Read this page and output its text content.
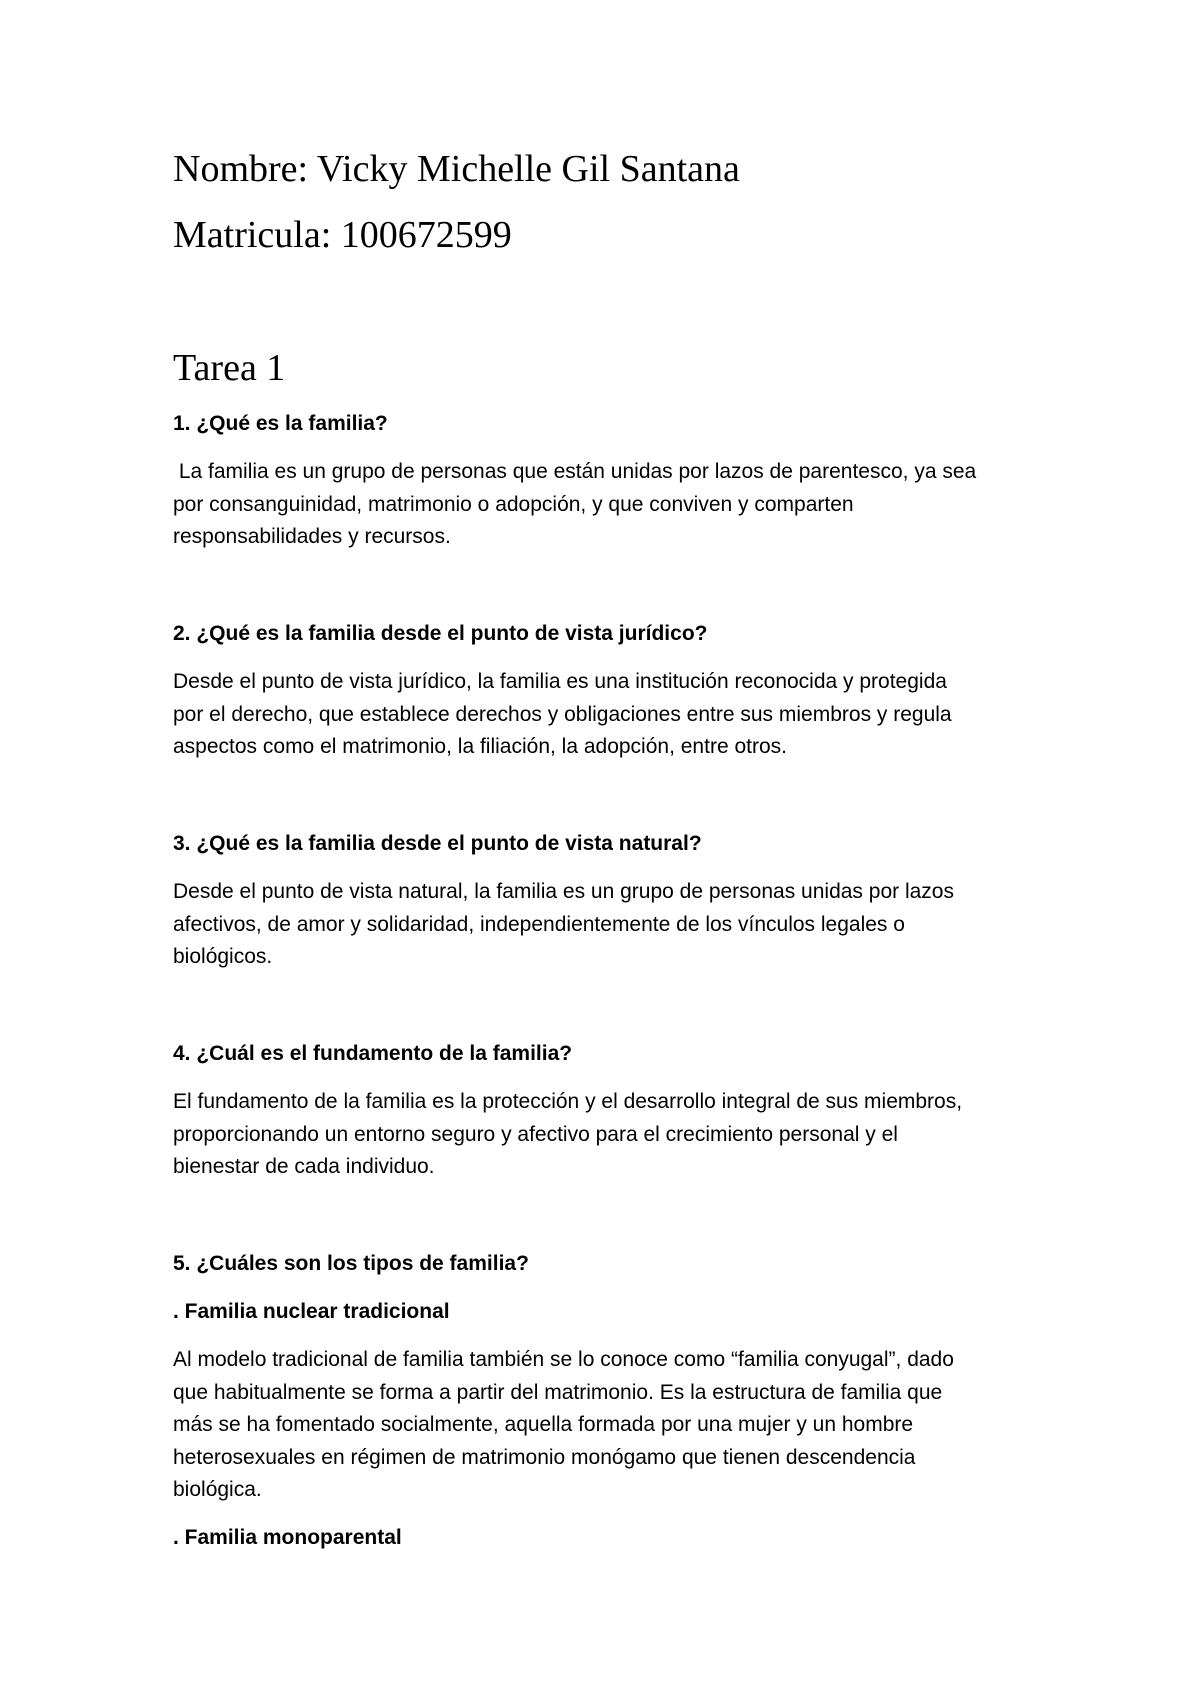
Nombre: Vicky Michelle Gil Santana
Matricula: 100672599
Tarea 1

1. ¿Qué es la familia?

La familia es un grupo de personas que están unidas por lazos de parentesco, ya sea
por consanguinidad, matrimonio o adopción, y que conviven y comparten
responsabilidades y recursos.

2. ¿Qué es la familia desde el punto de vista jurídico?

Desde el punto de vista jurídico, la familia es una institución reconocida y protegida
por el derecho, que establece derechos y obligaciones entre sus miembros y regula
aspectos como el matrimonio, la filiación, la adopción, entre otros.

3. ¿Qué es la familia desde el punto de vista natural?

Desde el punto de vista natural, la familia es un grupo de personas unidas por lazos
afectivos, de amor y solidaridad, independientemente de los vínculos legales o
biológicos.

4. ¿Cuál es el fundamento de la familia?

El fundamento de la familia es la protección y el desarrollo integral de sus miembros,
proporcionando un entorno seguro y afectivo para el crecimiento personal y el
bienestar de cada individuo.

5. ¿Cuáles son los tipos de familia?

. Familia nuclear tradicional

Al modelo tradicional de familia también se lo conoce como “familia conyugal”, dado
que habitualmente se forma a partir del matrimonio. Es la estructura de familia que
más se ha fomentado socialmente, aquella formada por una mujer y un hombre
heterosexuales en régimen de matrimonio monógamo que tienen descendencia
biológica.

. Familia monoparental
